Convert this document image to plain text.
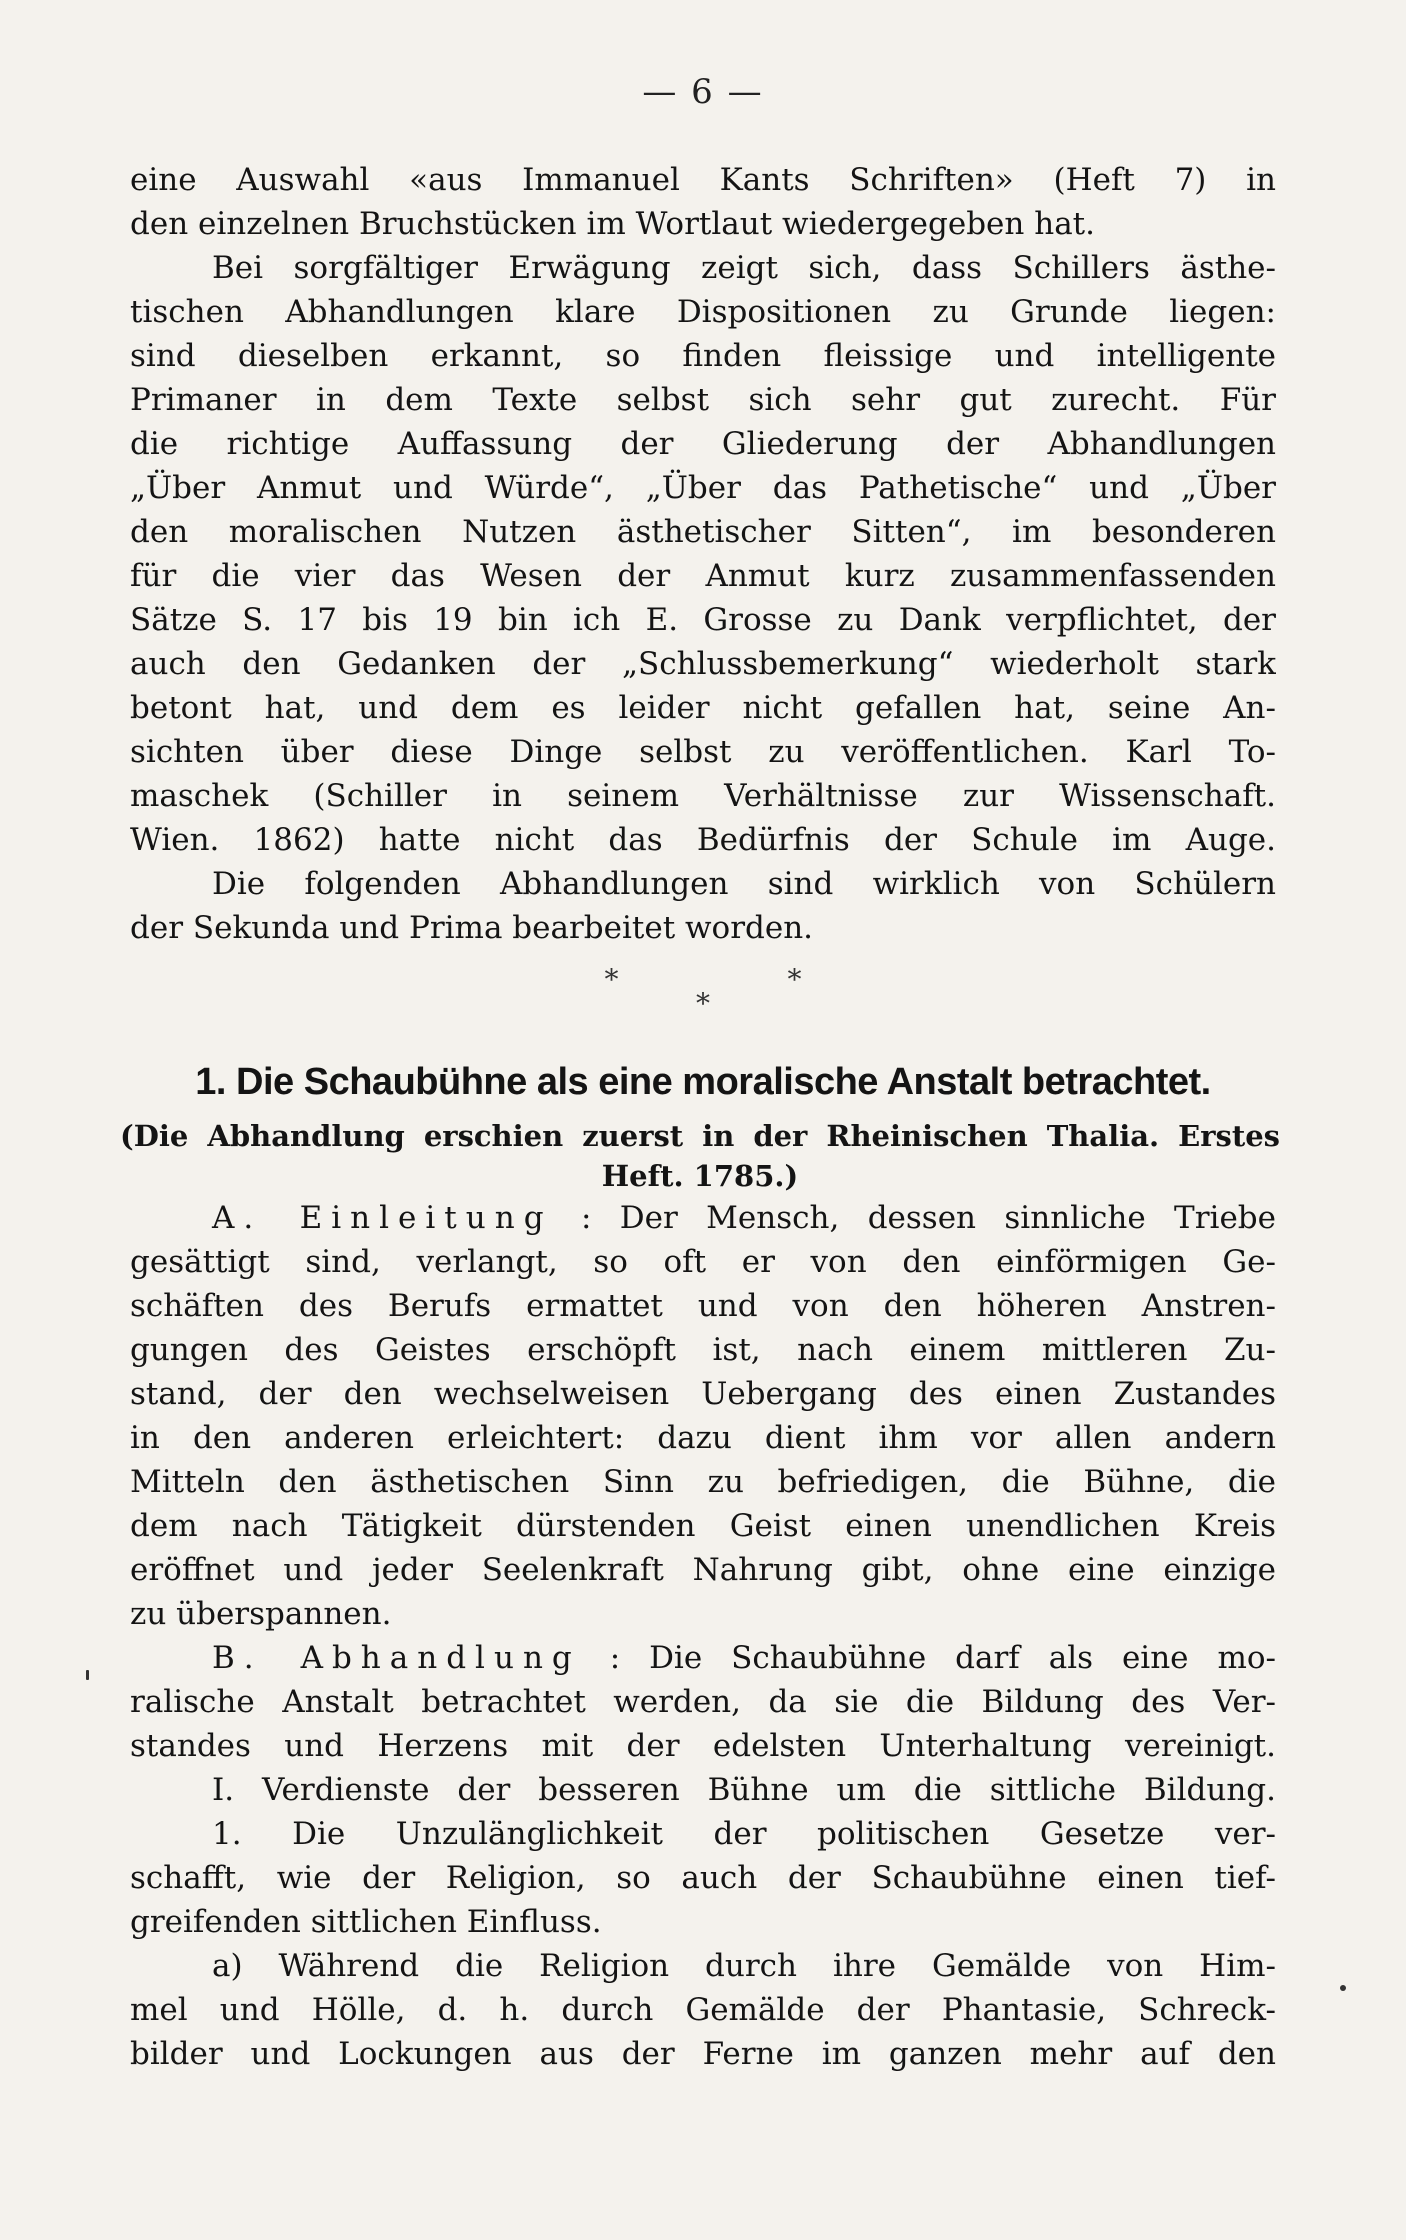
— 6 —
eine Auswahl «aus Immanuel Kants Schriften» (Heft 7) in
den einzelnen Bruchstücken im Wortlaut wiedergegeben hat.
Bei sorgfältiger Erwägung zeigt sich, dass Schillers ästhe-
tischen Abhandlungen klare Dispositionen zu Grunde liegen:
sind dieselben erkannt, so finden fleissige und intelligente
Primaner in dem Texte selbst sich sehr gut zurecht. Für
die richtige Auffassung der Gliederung der Abhandlungen
„Über Anmut und Würde“, „Über das Pathetische“ und „Über
den moralischen Nutzen ästhetischer Sitten“, im besonderen
für die vier das Wesen der Anmut kurz zusammenfassenden
Sätze S. 17 bis 19 bin ich E. Grosse zu Dank verpflichtet, der
auch den Gedanken der „Schlussbemerkung“ wiederholt stark
betont hat, und dem es leider nicht gefallen hat, seine An-
sichten über diese Dinge selbst zu veröffentlichen. Karl To-
maschek (Schiller in seinem Verhältnisse zur Wissenschaft.
Wien. 1862) hatte nicht das Bedürfnis der Schule im Auge.
Die folgenden Abhandlungen sind wirklich von Schülern
der Sekunda und Prima bearbeitet worden.
* *
*
1. Die Schaubühne als eine moralische Anstalt betrachtet.
(Die Abhandlung erschien zuerst in der Rheinischen Thalia. Erstes
Heft. 1785.)
A. Einleitung : Der Mensch, dessen sinnliche Triebe
gesättigt sind, verlangt, so oft er von den einförmigen Ge-
schäften des Berufs ermattet und von den höheren Anstren-
gungen des Geistes erschöpft ist, nach einem mittleren Zu-
stand, der den wechselweisen Uebergang des einen Zustandes
in den anderen erleichtert: dazu dient ihm vor allen andern
Mitteln den ästhetischen Sinn zu befriedigen, die Bühne, die
dem nach Tätigkeit dürstenden Geist einen unendlichen Kreis
eröffnet und jeder Seelenkraft Nahrung gibt, ohne eine einzige
zu überspannen.
B. Abhandlung : Die Schaubühne darf als eine mo-
ralische Anstalt betrachtet werden, da sie die Bildung des Ver-
standes und Herzens mit der edelsten Unterhaltung vereinigt.
I. Verdienste der besseren Bühne um die sittliche Bildung.
1. Die Unzulänglichkeit der politischen Gesetze ver-
schafft, wie der Religion, so auch der Schaubühne einen tief-
greifenden sittlichen Einfluss.
a) Während die Religion durch ihre Gemälde von Him-
mel und Hölle, d. h. durch Gemälde der Phantasie, Schreck-
bilder und Lockungen aus der Ferne im ganzen mehr auf den
